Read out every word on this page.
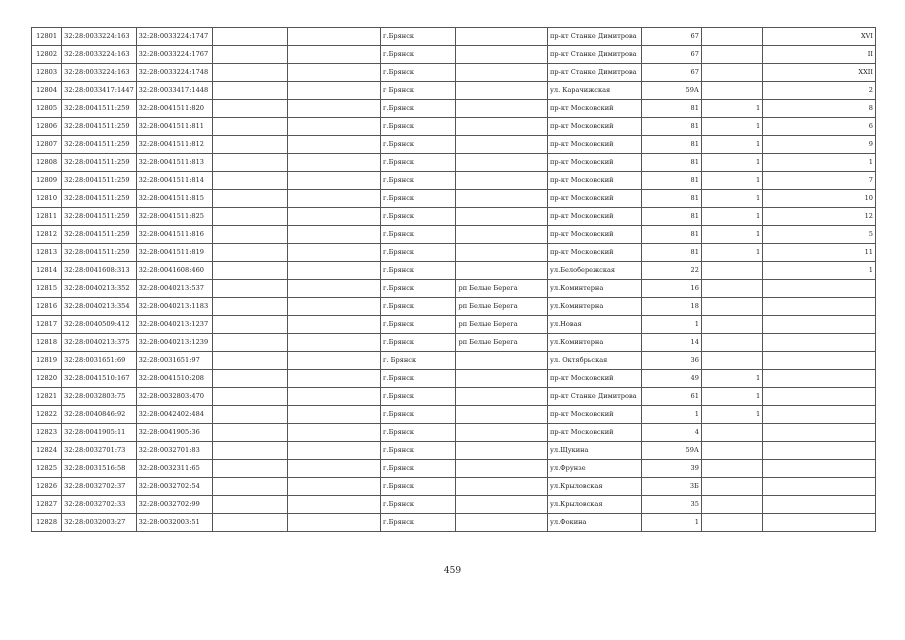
12801	32:28:0033224:163	32:28:0033224:1747			г.Брянск		пр-кт Станке Димитрова	67		XVI
12802	32:28:0033224:163	32:28:0033224:1767			г.Брянск		пр-кт Станке Димитрова	67		II
12803	32:28:0033224:163	32:28:0033224:1748			г.Брянск		пр-кт Станке Димитрова	67		XXII
12804	32:28:0033417:1447	32:28:0033417:1448			г Брянск		ул. Карачижская	59А		2
12805	32:28:0041511:259	32:28:0041511:820			г.Брянск		пр-кт Московский	81	1	8
12806	32:28:0041511:259	32:28:0041511:811			г.Брянск		пр-кт Московский	81	1	6
12807	32:28:0041511:259	32:28:0041511:812			г.Брянск		пр-кт Московский	81	1	9
12808	32:28:0041511:259	32:28:0041511:813			г.Брянск		пр-кт Московский	81	1	1
12809	32:28:0041511:259	32:28:0041511:814			г.Брянск		пр-кт Московский	81	1	7
12810	32:28:0041511:259	32:28:0041511:815			г.Брянск		пр-кт Московский	81	1	10
12811	32:28:0041511:259	32:28:0041511:825			г.Брянск		пр-кт Московский	81	1	12
12812	32:28:0041511:259	32:28:0041511:816			г.Брянск		пр-кт Московский	81	1	5
12813	32:28:0041511:259	32:28:0041511:819			г.Брянск		пр-кт Московский	81	1	11
12814	32:28:0041608:313	32:28:0041608:460			г.Брянск		ул.Белобережская	22		1
12815	32:28:0040213:352	32:28:0040213:537			г.Брянск	рп Белые Берега	ул.Коминтерна	16		
12816	32:28:0040213:354	32:28:0040213:1183			г.Брянск	рп Белые Берега	ул.Коминтерна	18		
12817	32:28:0040509:412	32:28:0040213:1237			г.Брянск	рп Белые Берега	ул.Новая	1		
12818	32:28:0040213:375	32:28:0040213:1239			г.Брянск	рп Белые Берега	ул.Коминтерна	14		
12819	32:28:0031651:69	32:28:0031651:97			г. Брянск		ул. Октябрьская	36		
12820	32:28:0041510:167	32:28:0041510:208			г.Брянск		пр-кт Московский	49	1	
12821	32:28:0032803:75	32:28:0032803:470			г.Брянск		пр-кт Станке Димитрова	61	1	
12822	32:28:0040846:92	32:28:0042402:484			г.Брянск		пр-кт Московский	1	1	
12823	32:28:0041905:11	32:28:0041905:36			г.Брянск		пр-кт Московский	4		
12824	32:28:0032701:73	32:28:0032701:83			г.Брянск		ул.Щукина	59А		
12825	32:28:0031516:58	32:28:0032311:65			г.Брянск		ул.Фрунзе	39		
12826	32:28:0032702:37	32:28:0032702:54			г.Брянск		ул.Крыловская	3Б		
12827	32:28:0032702:33	32:28:0032702:99			г.Брянск		ул.Крыловская	35		
12828	32:28:0032003:27	32:28:0032003:51			г.Брянск		ул.Фокина	1		
459
